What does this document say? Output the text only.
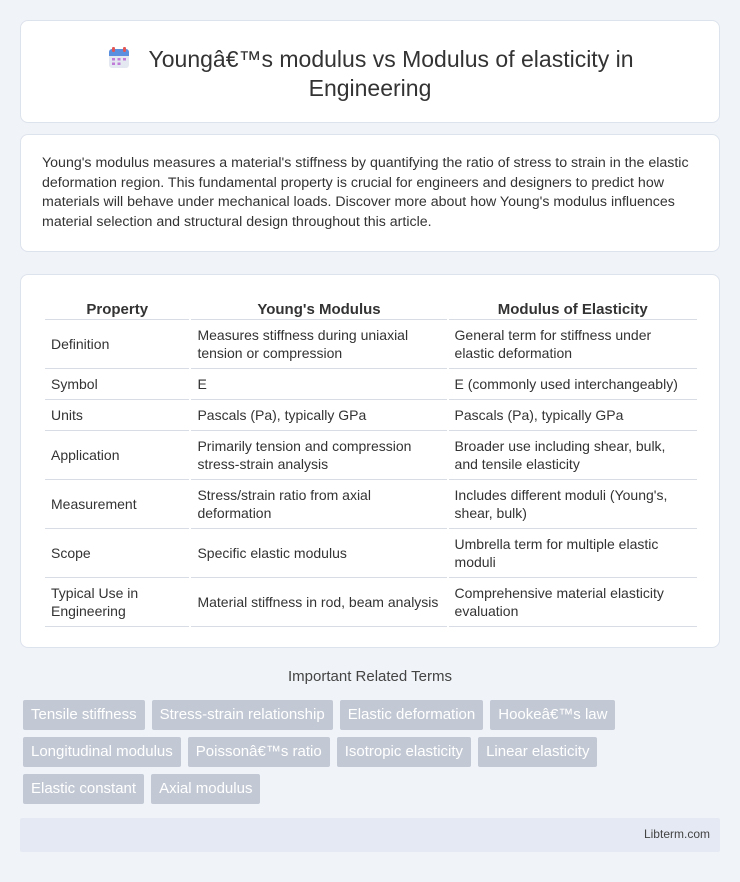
Youngâ€™s modulus vs Modulus of elasticity in Engineering

Young's modulus measures a material's stiffness by quantifying the ratio of stress to strain in the elastic deformation region. This fundamental property is crucial for engineers and designers to predict how materials will behave under mechanical loads. Discover more about how Young's modulus influences material selection and structural design throughout this article.

Property	Young's Modulus	Modulus of Elasticity
Definition	Measures stiffness during uniaxial tension or compression	General term for stiffness under elastic deformation
Symbol	E	E (commonly used interchangeably)
Units	Pascals (Pa), typically GPa	Pascals (Pa), typically GPa
Application	Primarily tension and compression stress-strain analysis	Broader use including shear, bulk, and tensile elasticity
Measurement	Stress/strain ratio from axial deformation	Includes different moduli (Young's, shear, bulk)
Scope	Specific elastic modulus	Umbrella term for multiple elastic moduli
Typical Use in Engineering	Material stiffness in rod, beam analysis	Comprehensive material elasticity evaluation
Important Related Terms
Tensile stiffness	Stress-strain relationship	Elastic deformation	Hookeâ€™s law
Longitudinal modulus	Poissonâ€™s ratio	Isotropic elasticity	Linear elasticity
Elastic constant	Axial modulus
Libterm.com
